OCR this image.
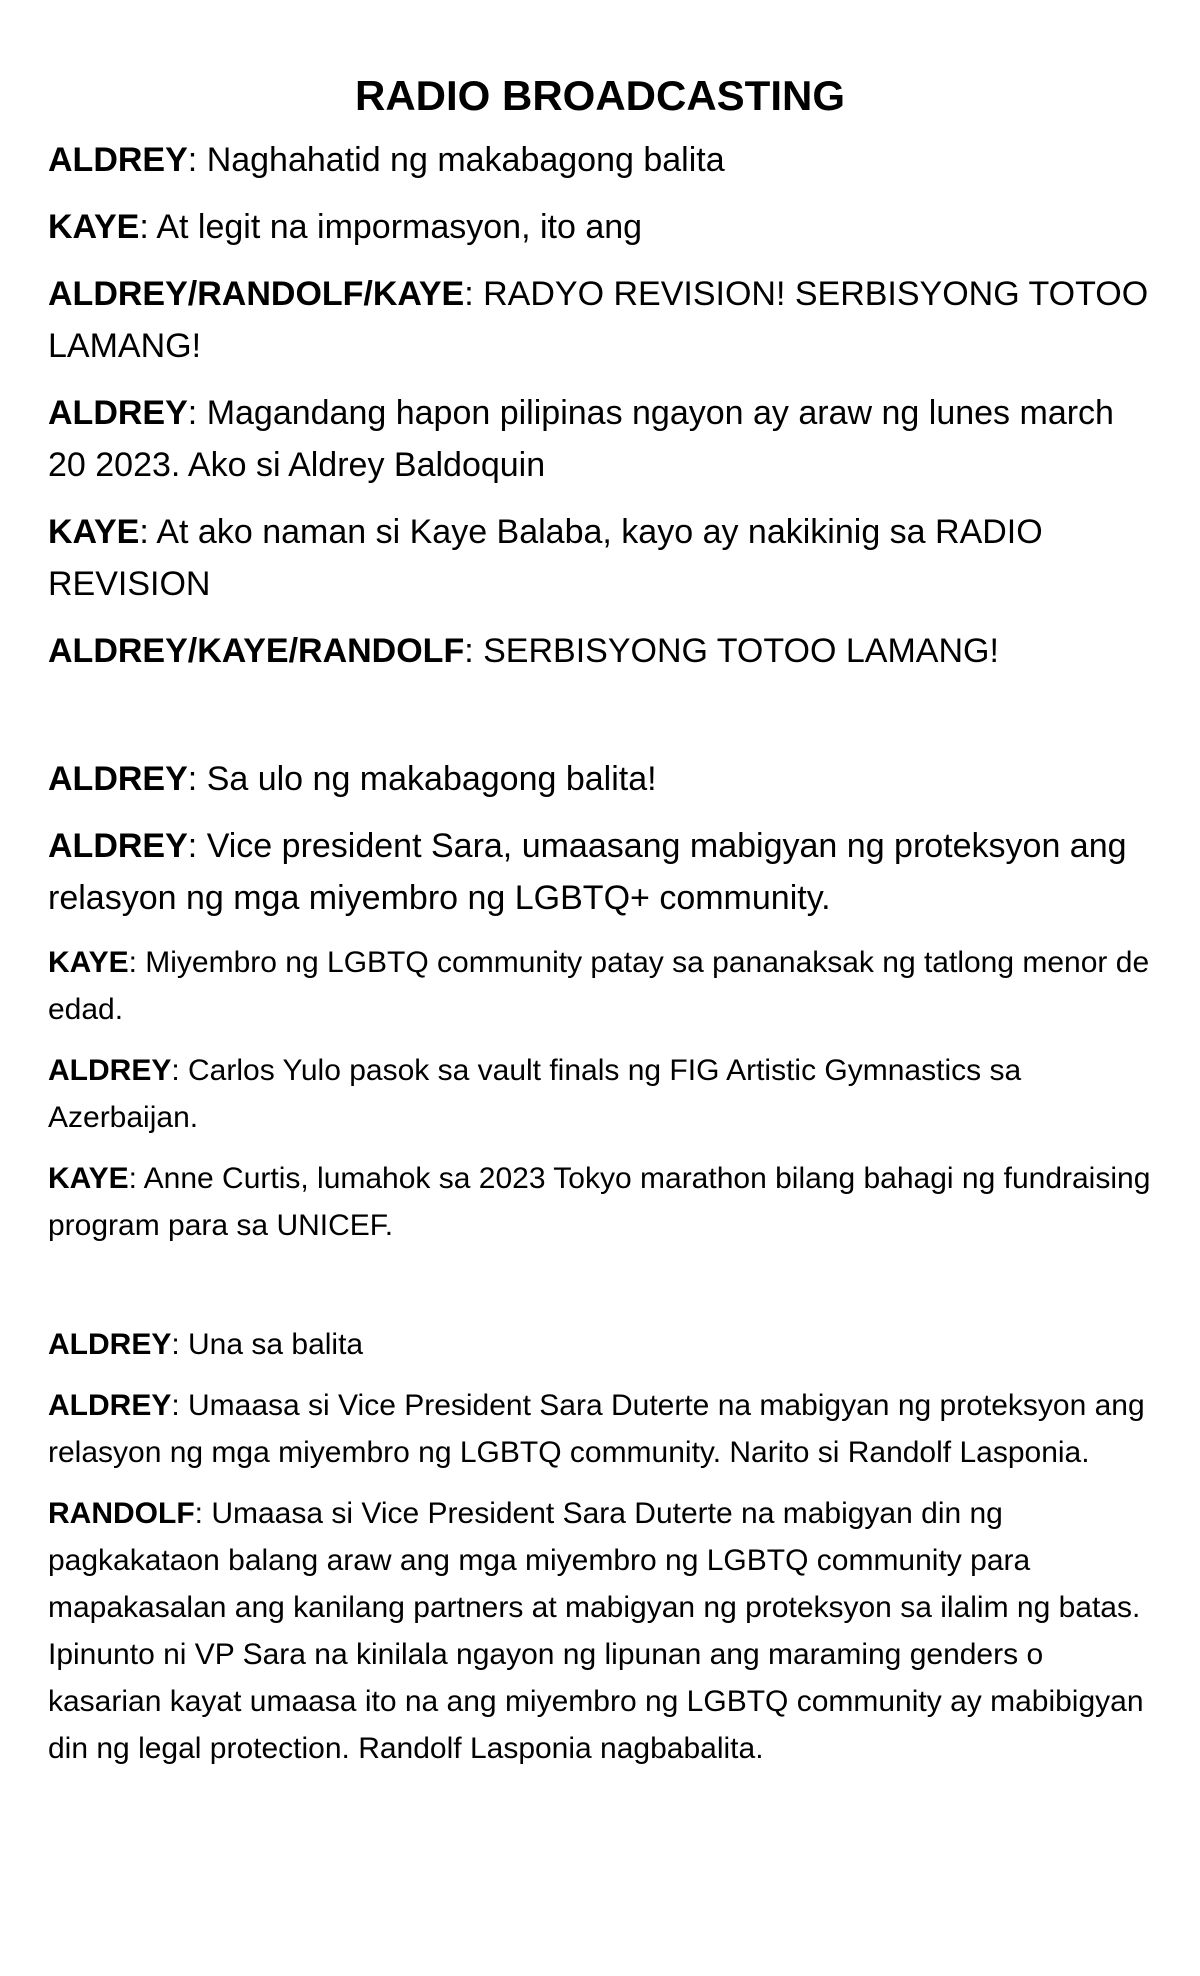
RADIO BROADCASTING

ALDREY: Naghahatid ng makabagong balita

KAYE: At legit na impormasyon, ito ang

ALDREY/RANDOLF/KAYE: RADYO REVISION! SERBISYONG TOTOO LAMANG!

ALDREY: Magandang hapon pilipinas ngayon ay araw ng lunes march 20 2023. Ako si Aldrey Baldoquin

KAYE: At ako naman si Kaye Balaba, kayo ay nakikinig sa RADIO REVISION

ALDREY/KAYE/RANDOLF: SERBISYONG TOTOO LAMANG!

ALDREY: Sa ulo ng makabagong balita!

ALDREY: Vice president Sara, umaasang mabigyan ng proteksyon ang relasyon ng mga miyembro ng LGBTQ+ community.

KAYE: Miyembro ng LGBTQ community patay sa pananaksak ng tatlong menor de edad.

ALDREY: Carlos Yulo pasok sa vault finals ng FIG Artistic Gymnastics sa Azerbaijan.

KAYE: Anne Curtis, lumahok sa 2023 Tokyo marathon bilang bahagi ng fundraising program para sa UNICEF.

ALDREY: Una sa balita

ALDREY: Umaasa si Vice President Sara Duterte na mabigyan ng proteksyon ang relasyon ng mga miyembro ng LGBTQ community. Narito si Randolf Lasponia.

RANDOLF: Umaasa si Vice President Sara Duterte na mabigyan din ng pagkakataon balang araw ang mga miyembro ng LGBTQ community para mapakasalan ang kanilang partners at mabigyan ng proteksyon sa ilalim ng batas. Ipinunto ni VP Sara na kinilala ngayon ng lipunan ang maraming genders o kasarian kayat umaasa ito na ang miyembro ng LGBTQ community ay mabibigyan din ng legal protection. Randolf Lasponia nagbabalita.
